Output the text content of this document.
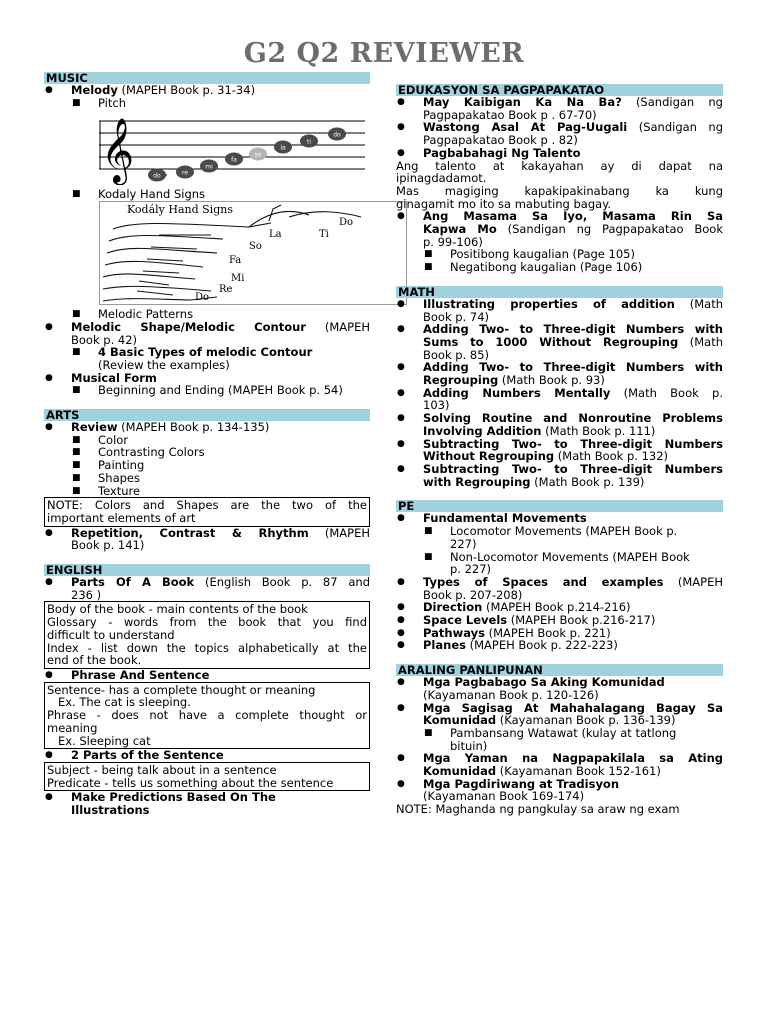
G2 Q2 REVIEWER
MUSIC
● Melody (MAPEH Book p. 31-34)
■ Pitch
𝄞	do	re
mi
fa
so
la
ti
do
■ Kodaly Hand Signs
Kodály Hand Signs
Do
Ti
La
So
Fa
Mi
Re
Do
■ Melodic Patterns
● Melodic Shape/Melodic Contour (MAPEH
Book p. 42)
■ 4 Basic Types of melodic Contour
(Review the examples)
● Musical Form
■ Beginning and Ending (MAPEH Book p. 54)
ARTS
● Review (MAPEH Book p. 134-135)
■ Color
■ Contrasting Colors
■ Painting
■ Shapes
■ Texture
NOTE: Colors and Shapes are the two of the
important elements of art
● Repetition, Contrast & Rhythm (MAPEH
Book p. 141)
ENGLISH
● Parts Of A Book (English Book p. 87 and
236 )
Body of the book - main contents of the book
Glossary - words from the book that you find
difficult to understand
Index - list down the topics alphabetically at the
end of the book.
● Phrase And Sentence
Sentence- has a complete thought or meaning
Ex. The cat is sleeping.
Phrase - does not have a complete thought or
meaning
Ex. Sleeping cat
● 2 Parts of the Sentence
Subject - being talk about in a sentence
Predicate - tells us something about the sentence
● Make Predictions Based On The
Illustrations
EDUKASYON SA PAGPAPAKATAO
● May Kaibigan Ka Na Ba? (Sandigan ng
Pagpapakatao Book p . 67-70)
● Wastong Asal At Pag-Uugali (Sandigan ng
Pagpapakatao Book p . 82)
● Pagbabahagi Ng Talento
Ang talento at kakayahan ay di dapat na
ipinagdadamot.
Mas magiging kapakipakinabang ka kung
ginagamit mo ito sa mabuting bagay.
● Ang Masama Sa Iyo, Masama Rin Sa
Kapwa Mo (Sandigan ng Pagpapakatao Book
p. 99-106)
■ Positibong kaugalian (Page 105)
■ Negatibong kaugalian (Page 106)
MATH
● Illustrating properties of addition (Math
Book p. 74)
● Adding Two- to Three-digit Numbers with
Sums to 1000 Without Regrouping (Math
Book p. 85)
● Adding Two- to Three-digit Numbers with
Regrouping (Math Book p. 93)
● Adding Numbers Mentally (Math Book p.
103)
● Solving Routine and Nonroutine Problems
Involving Addition (Math Book p. 111)
● Subtracting Two- to Three-digit Numbers
Without Regrouping (Math Book p. 132)
● Subtracting Two- to Three-digit Numbers
with Regrouping (Math Book p. 139)
PE
● Fundamental Movements
■ Locomotor Movements (MAPEH Book p.
227)
■ Non-Locomotor Movements (MAPEH Book
p. 227)
● Types of Spaces and examples (MAPEH
Book p. 207-208)
● Direction (MAPEH Book p.214-216)
● Space Levels (MAPEH Book p.216-217)
● Pathways (MAPEH Book p. 221)
● Planes (MAPEH Book p. 222-223)
ARALING PANLIPUNAN
● Mga Pagbabago Sa Aking Komunidad
(Kayamanan Book p. 120-126)
● Mga Sagisag At Mahahalagang Bagay Sa
Komunidad (Kayamanan Book p. 136-139)
■ Pambansang Watawat (kulay at tatlong
bituin)
● Mga Yaman na Nagpapakilala sa Ating
Komunidad (Kayamanan Book 152-161)
● Mga Pagdiriwang at Tradisyon
(Kayamanan Book 169-174)
NOTE: Maghanda ng pangkulay sa araw ng exam
